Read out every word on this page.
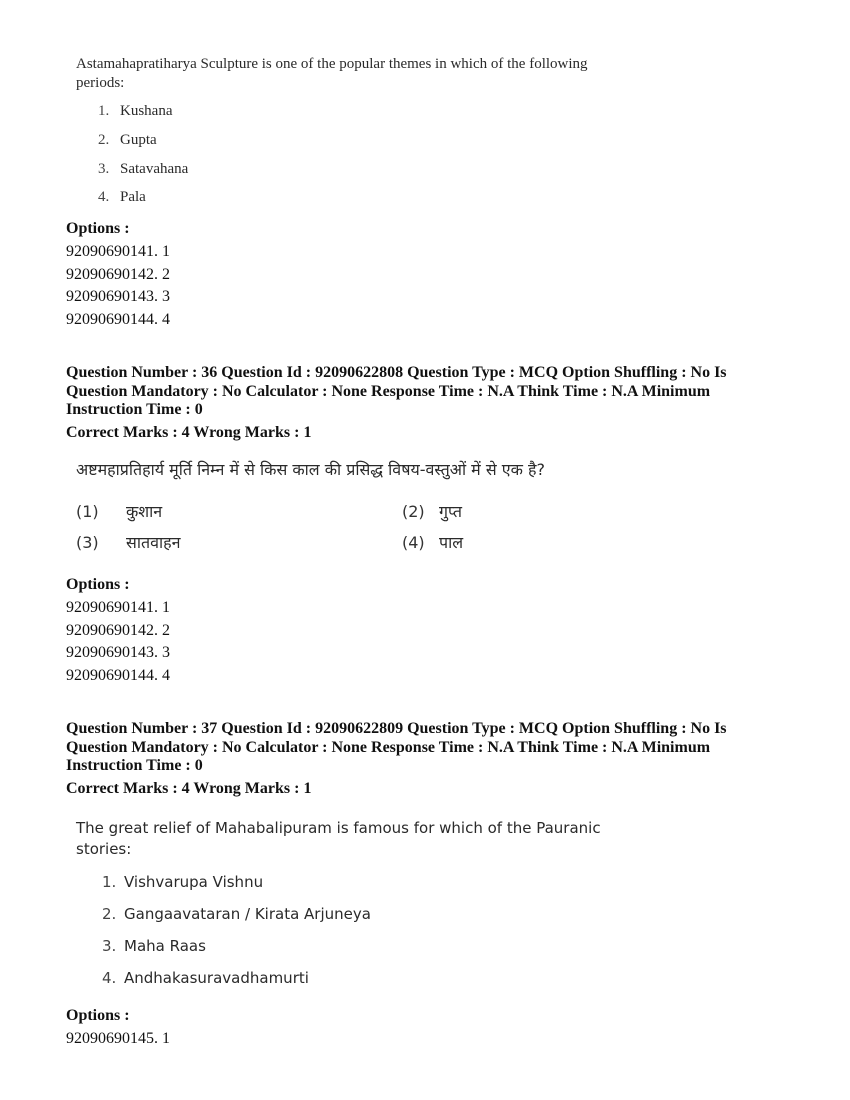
Astamahapratiharya Sculpture is one of the popular themes in which of the following periods:
1. Kushana
2. Gupta
3. Satavahana
4. Pala
Options :
92090690141. 1
92090690142. 2
92090690143. 3
92090690144. 4
Question Number : 36 Question Id : 92090622808 Question Type : MCQ Option Shuffling : No Is
Question Mandatory : No Calculator : None Response Time : N.A Think Time : N.A Minimum
Instruction Time : 0
Correct Marks : 4 Wrong Marks : 1
अष्टमहाप्रतिहार्य मूर्ति निम्न में से किस काल की प्रसिद्ध विषय-वस्तुओं में से एक है?
(1) कुशान	(2) गुप्त
(3) सातवाहन	(4) पाल
Options :
92090690141. 1
92090690142. 2
92090690143. 3
92090690144. 4
Question Number : 37 Question Id : 92090622809 Question Type : MCQ Option Shuffling : No Is
Question Mandatory : No Calculator : None Response Time : N.A Think Time : N.A Minimum
Instruction Time : 0
Correct Marks : 4 Wrong Marks : 1
The great relief of Mahabalipuram is famous for which of the Pauranic stories:
1. Vishvarupa Vishnu
2. Gangaavataran / Kirata Arjuneya
3. Maha Raas
4. Andhakasuravadhamurti
Options :
92090690145. 1
